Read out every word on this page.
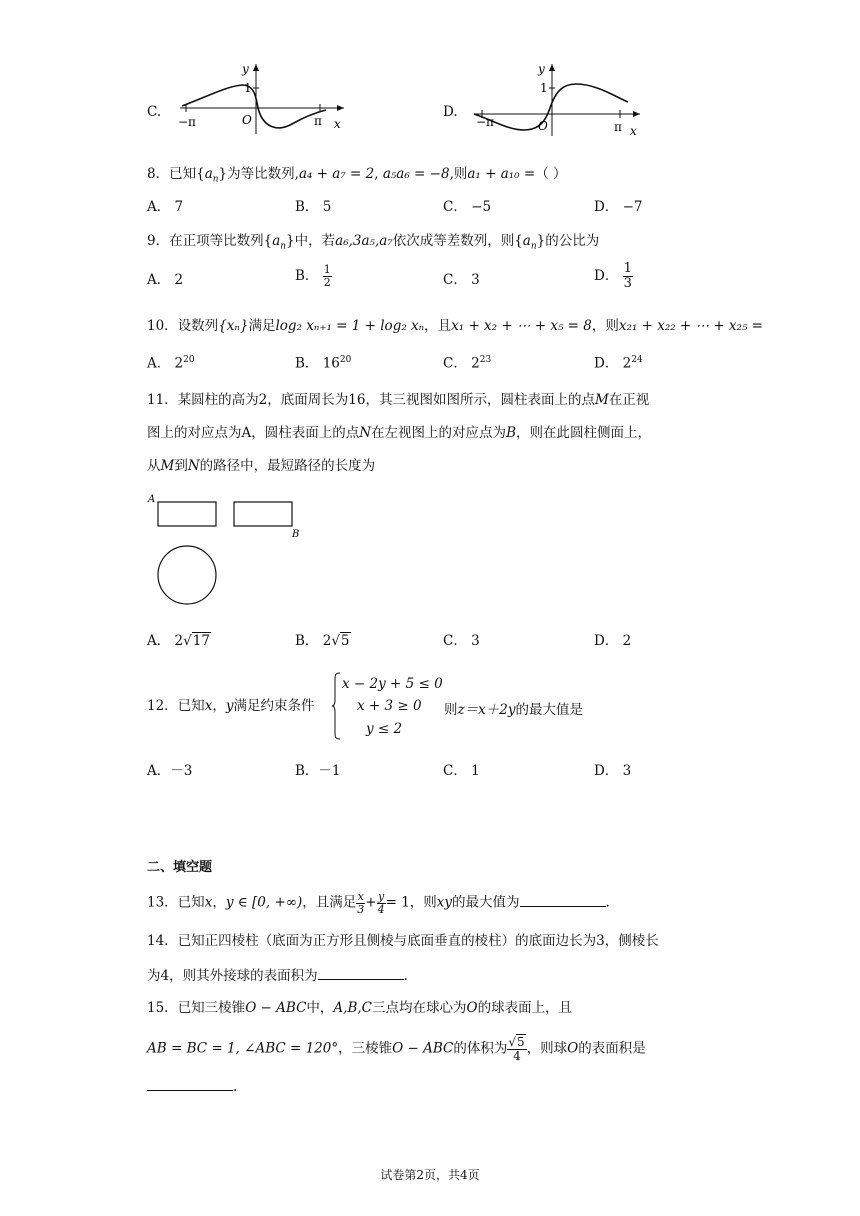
C.
y
1
O
−π	π x
D.
y
1
O
−π	π x
8．已知$\{a_n\}$为等比数列,a₄ + a₇ = 2, a₅a₆ = −8,则a₁ + a₁₀ =（ ）
A． 7	B． 5	C． −5	D． −7
9．在正项等比数列$\{a_n\}$中，若a₆,3a₅,a₇依次成等差数列，则$\{a_n\}$的公比为
A． 2	B． $\frac{1}{2}$	C． 3	D． $\frac{1}{3}$
10．设数列{xₙ}满足log₂ xₙ₊₁ = 1 + log₂ xₙ，且x₁ + x₂ + ⋯ + x₅ = 8，则x₂₁ + x₂₂ + ⋯ + x₂₅ =
A． $2^{20}$	B． $16^{20}$	C． $2^{23}$	D． $2^{24}$
11．某圆柱的高为2，底面周长为16，其三视图如图所示，圆柱表面上的点M在正视
图上的对应点为A，圆柱表面上的点N在左视图上的对应点为B，则在此圆柱侧面上，
从M到N的路径中，最短路径的长度为
A
B
A． 2√17	B． 2√5	C． 3	D． 2
12．已知x，y满足约束条件
x − 2y + 5 ≤ 0
x + 3 ≥ 0
y ≤ 2
则z＝x＋2y的最大值是
A．－3	B．－1	C． 1	D． 3
二、填空题
13．已知x，y ∈ [0, +∞)，且满足 $\frac{x}{3} + \frac{y}{4} = 1$，则xy的最大值为	.
14．已知正四棱柱（底面为正方形且侧棱与底面垂直的棱柱）的底面边长为3，侧棱长
为4，则其外接球的表面积为	.
15．已知三棱锥O − ABC中，A,B,C三点均在球心为O的球表面上，且
AB = BC = 1, ∠ABC = 120°，三棱锥O − ABC的体积为 $\frac{√5}{4}$ ，则球O的表面积是
.
试卷第2页，共4页
